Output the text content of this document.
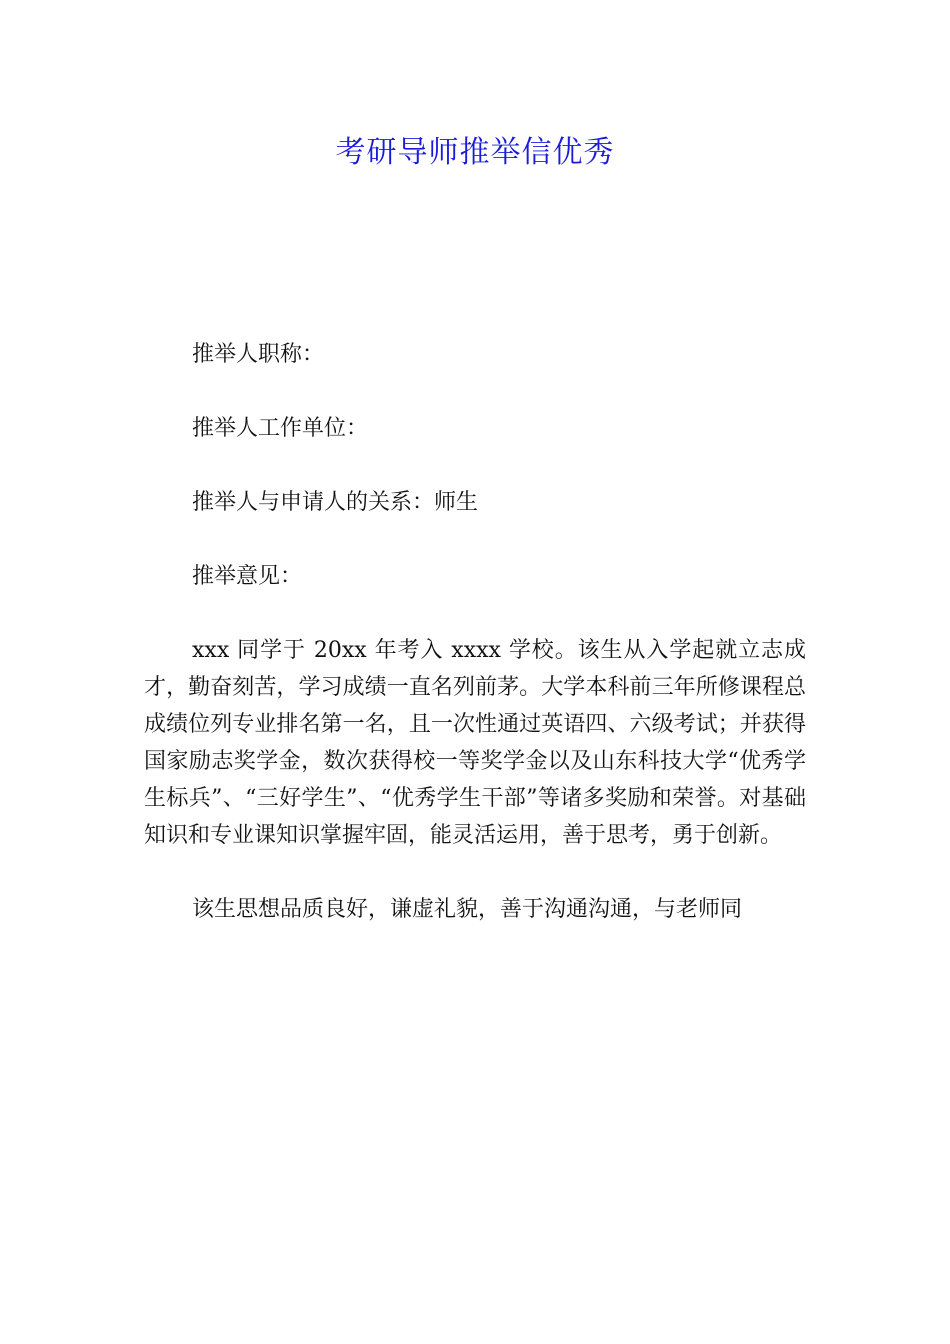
考研导师推举信优秀

推举人职称：

推举人工作单位：

推举人与申请人的关系：师生

推举意见：

xxx 同学于 20xx 年考入 xxxx 学校。该生从入学起就立志成才，勤奋刻苦，学习成绩一直名列前茅。大学本科前三年所修课程总成绩位列专业排名第一名，且一次性通过英语四、六级考试；并获得国家励志奖学金，数次获得校一等奖学金以及山东科技大学“优秀学生标兵”、“三好学生”、“优秀学生干部”等诸多奖励和荣誉。对基础知识和专业课知识掌握牢固，能灵活运用，善于思考，勇于创新。

该生思想品质良好，谦虚礼貌，善于沟通沟通，与老师同
